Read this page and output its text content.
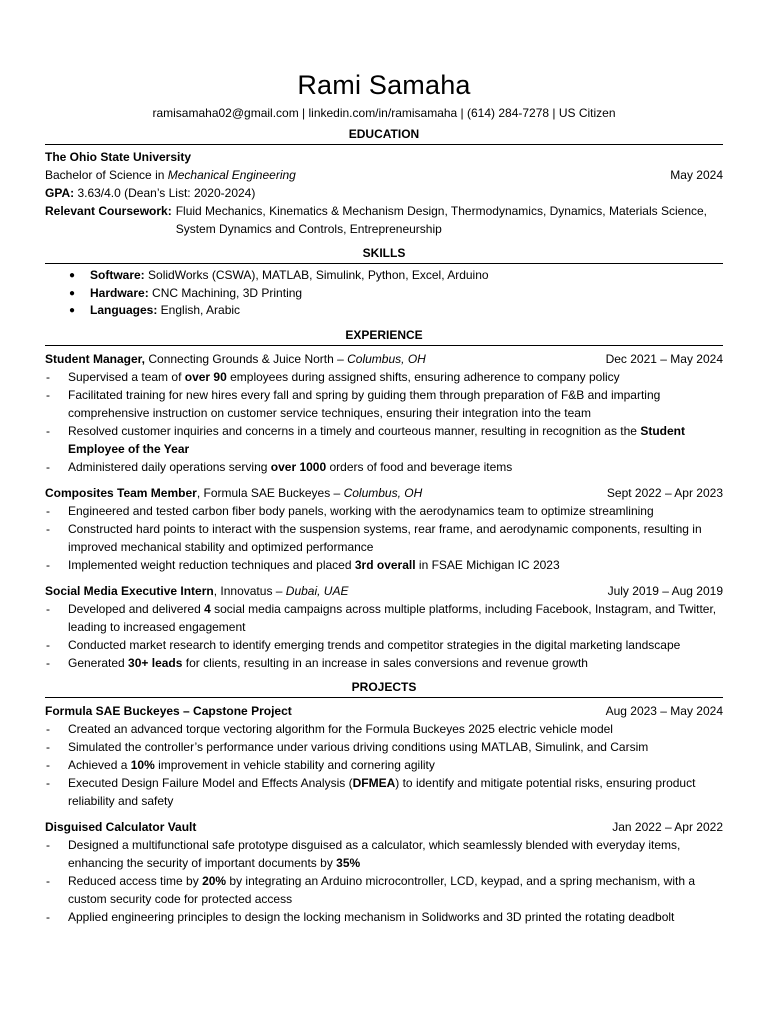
Rami Samaha
ramisamaha02@gmail.com | linkedin.com/in/ramisamaha | (614) 284-7278 | US Citizen
EDUCATION
The Ohio State University
Bachelor of Science in Mechanical Engineering	May 2024
GPA: 3.63/4.0 (Dean’s List: 2020-2024)
Relevant Coursework: Fluid Mechanics, Kinematics & Mechanism Design, Thermodynamics, Dynamics, Materials Science, System Dynamics and Controls, Entrepreneurship
SKILLS
● Software: SolidWorks (CSWA), MATLAB, Simulink, Python, Excel, Arduino
● Hardware: CNC Machining, 3D Printing
● Languages: English, Arabic
EXPERIENCE
Student Manager, Connecting Grounds & Juice North – Columbus, OH	Dec 2021 – May 2024
- Supervised a team of over 90 employees during assigned shifts, ensuring adherence to company policy
- Facilitated training for new hires every fall and spring by guiding them through preparation of F&B and imparting comprehensive instruction on customer service techniques, ensuring their integration into the team
- Resolved customer inquiries and concerns in a timely and courteous manner, resulting in recognition as the Student Employee of the Year
- Administered daily operations serving over 1000 orders of food and beverage items
Composites Team Member, Formula SAE Buckeyes – Columbus, OH	Sept 2022 – Apr 2023
- Engineered and tested carbon fiber body panels, working with the aerodynamics team to optimize streamlining
- Constructed hard points to interact with the suspension systems, rear frame, and aerodynamic components, resulting in improved mechanical stability and optimized performance
- Implemented weight reduction techniques and placed 3rd overall in FSAE Michigan IC 2023
Social Media Executive Intern, Innovatus – Dubai, UAE	July 2019 – Aug 2019
- Developed and delivered 4 social media campaigns across multiple platforms, including Facebook, Instagram, and Twitter, leading to increased engagement
- Conducted market research to identify emerging trends and competitor strategies in the digital marketing landscape
- Generated 30+ leads for clients, resulting in an increase in sales conversions and revenue growth
PROJECTS
Formula SAE Buckeyes – Capstone Project	Aug 2023 – May 2024
- Created an advanced torque vectoring algorithm for the Formula Buckeyes 2025 electric vehicle model
- Simulated the controller’s performance under various driving conditions using MATLAB, Simulink, and Carsim
- Achieved a 10% improvement in vehicle stability and cornering agility
- Executed Design Failure Model and Effects Analysis (DFMEA) to identify and mitigate potential risks, ensuring product reliability and safety
Disguised Calculator Vault	Jan 2022 – Apr 2022
- Designed a multifunctional safe prototype disguised as a calculator, which seamlessly blended with everyday items, enhancing the security of important documents by 35%
- Reduced access time by 20% by integrating an Arduino microcontroller, LCD, keypad, and a spring mechanism, with a custom security code for protected access
- Applied engineering principles to design the locking mechanism in Solidworks and 3D printed the rotating deadbolt
